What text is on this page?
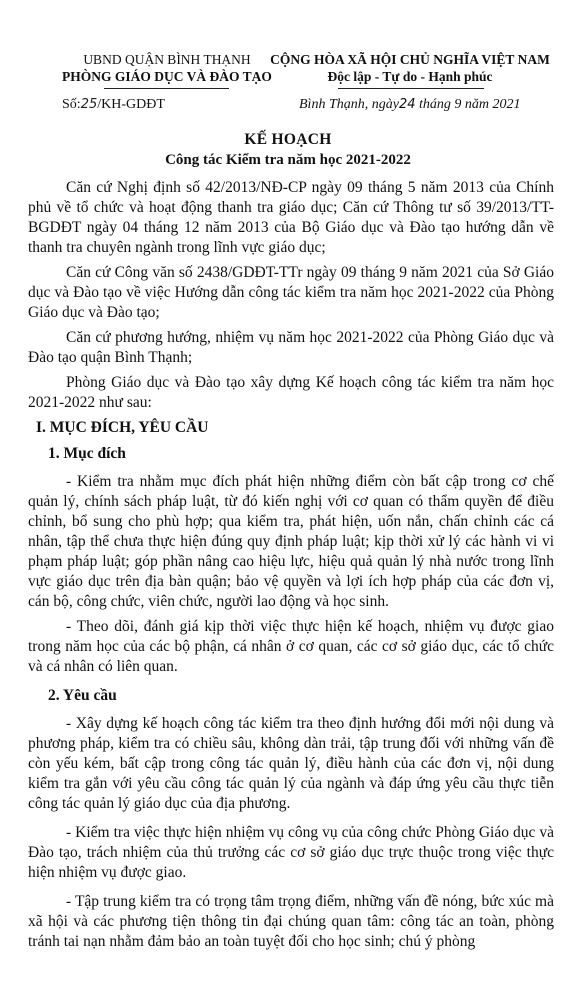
UBND QUẬN BÌNH THẠNH
PHÒNG GIÁO DỤC VÀ ĐÀO TẠO
CỘNG HÒA XÃ HỘI CHỦ NGHĨA VIỆT NAM
Độc lập - Tự do - Hạnh phúc
Số:25/KH-GDĐT	Bình Thạnh, ngày24 tháng 9 năm 2021
KẾ HOẠCH
Công tác Kiểm tra năm học 2021-2022

Căn cứ Nghị định số 42/2013/NĐ-CP ngày 09 tháng 5 năm 2013 của Chính phủ về tổ chức và hoạt động thanh tra giáo dục; Căn cứ Thông tư số 39/2013/TT-BGDĐT ngày 04 tháng 12 năm 2013 của Bộ Giáo dục và Đào tạo hướng dẫn về thanh tra chuyên ngành trong lĩnh vực giáo dục;

Căn cứ Công văn số 2438/GDĐT-TTr ngày 09 tháng 9 năm 2021 của Sở Giáo dục và Đào tạo về việc Hướng dẫn công tác kiểm tra năm học 2021-2022 của Phòng Giáo dục và Đào tạo;

Căn cứ phương hướng, nhiệm vụ năm học 2021-2022 của Phòng Giáo dục và Đào tạo quận Bình Thạnh;

Phòng Giáo dục và Đào tạo xây dựng Kế hoạch công tác kiểm tra năm học 2021-2022 như sau:

I. MỤC ĐÍCH, YÊU CẦU
1. Mục đích

- Kiểm tra nhằm mục đích phát hiện những điểm còn bất cập trong cơ chế quản lý, chính sách pháp luật, từ đó kiến nghị với cơ quan có thẩm quyền để điều chỉnh, bổ sung cho phù hợp; qua kiểm tra, phát hiện, uốn nắn, chấn chỉnh các cá nhân, tập thể chưa thực hiện đúng quy định pháp luật; kịp thời xử lý các hành vi vi phạm pháp luật; góp phần nâng cao hiệu lực, hiệu quả quản lý nhà nước trong lĩnh vực giáo dục trên địa bàn quận; bảo vệ quyền và lợi ích hợp pháp của các đơn vị, cán bộ, công chức, viên chức, người lao động và học sinh.

- Theo dõi, đánh giá kịp thời việc thực hiện kế hoạch, nhiệm vụ được giao trong năm học của các bộ phận, cá nhân ở cơ quan, các cơ sở giáo dục, các tổ chức và cá nhân có liên quan.

2. Yêu cầu

- Xây dựng kế hoạch công tác kiểm tra theo định hướng đổi mới nội dung và phương pháp, kiểm tra có chiều sâu, không dàn trải, tập trung đối với những vấn đề còn yếu kém, bất cập trong công tác quản lý, điều hành của các đơn vị, nội dung kiểm tra gắn với yêu cầu công tác quản lý của ngành và đáp ứng yêu cầu thực tiễn công tác quản lý giáo dục của địa phương.

- Kiểm tra việc thực hiện nhiệm vụ công vụ của công chức Phòng Giáo dục và Đào tạo, trách nhiệm của thủ trưởng các cơ sở giáo dục trực thuộc trong việc thực hiện nhiệm vụ được giao.

- Tập trung kiểm tra có trọng tâm trọng điểm, những vấn đề nóng, bức xúc mà xã hội và các phương tiện thông tin đại chúng quan tâm: công tác an toàn, phòng tránh tai nạn nhằm đảm bảo an toàn tuyệt đối cho học sinh; chú ý phòng
